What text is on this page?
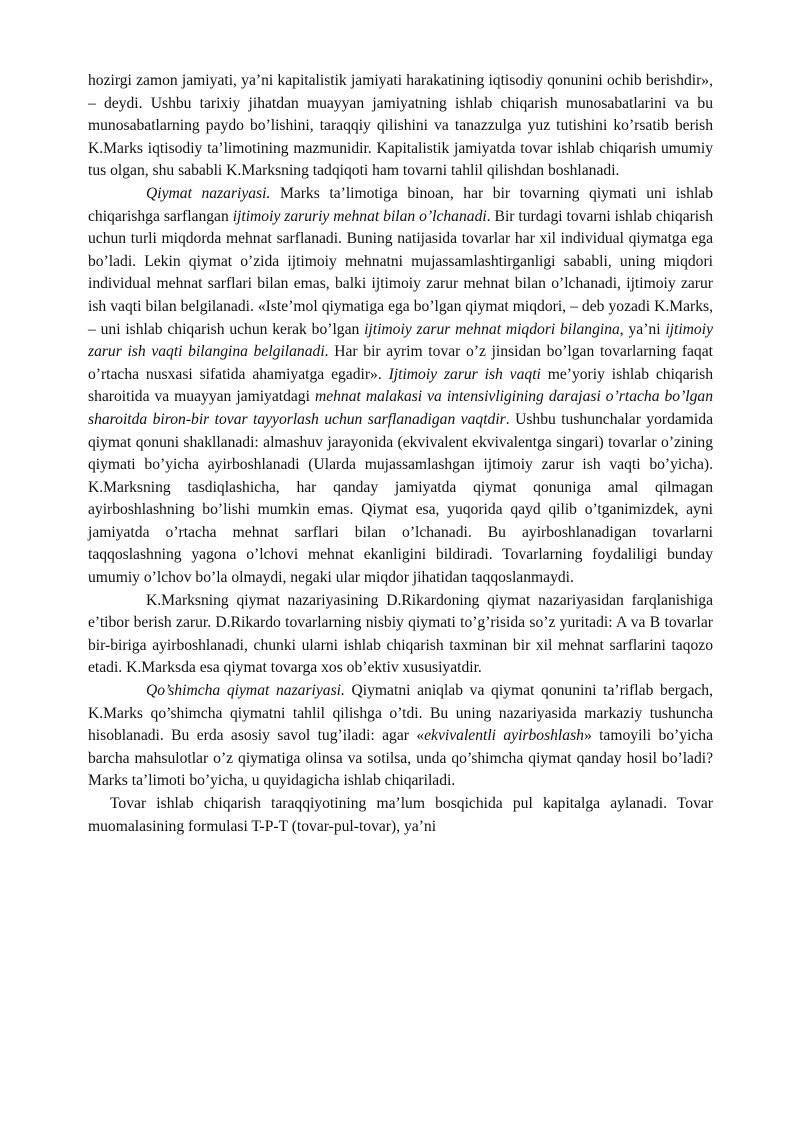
hozirgi zamon jamiyati, ya’ni kapitalistik jamiyati harakatining iqtisodiy qonunini ochib berishdir», – deydi. Ushbu tarixiy jihatdan muayyan jamiyatning ishlab chiqarish munosabatlarini va bu munosabatlarning paydo bo’lishini, taraqqiy qilishini va tanazzulga yuz tutishini ko’rsatib berish K.Marks iqtisodiy ta’limotining mazmunidir. Kapitalistik jamiyatda tovar ishlab chiqarish umumiy tus olgan, shu sababli K.Marksning tadqiqoti ham tovarni tahlil qilishdan boshlanadi.

Qiymat nazariyasi. Marks ta’limotiga binoan, har bir tovarning qiymati uni ishlab chiqarishga sarflangan ijtimoiy zaruriy mehnat bilan o’lchanadi. Bir turdagi tovarni ishlab chiqarish uchun turli miqdorda mehnat sarflanadi. Buning natijasida tovarlar har xil individual qiymatga ega bo’ladi. Lekin qiymat o’zida ijtimoiy mehnatni mujassamlashtirganligi sababli, uning miqdori individual mehnat sarflari bilan emas, balki ijtimoiy zarur mehnat bilan o’lchanadi, ijtimoiy zarur ish vaqti bilan belgilanadi. «Iste’mol qiymatiga ega bo’lgan qiymat miqdori, – deb yozadi K.Marks, – uni ishlab chiqarish uchun kerak bo’lgan ijtimoiy zarur mehnat miqdori bilangina, ya’ni ijtimoiy zarur ish vaqti bilangina belgilanadi. Har bir ayrim tovar o’z jinsidan bo’lgan tovarlarning faqat o’rtacha nusxasi sifatida ahamiyatga egadir». Ijtimoiy zarur ish vaqti me’yoriy ishlab chiqarish sharoitida va muayyan jamiyatdagi mehnat malakasi va intensivligining darajasi o’rtacha bo’lgan sharoitda biron-bir tovar tayyorlash uchun sarflanadigan vaqtdir. Ushbu tushunchalar yordamida qiymat qonuni shakllanadi: almashuv jarayonida (ekvivalent ekvivalentga singari) tovarlar o’zining qiymati bo’yicha ayirboshlanadi (Ularda mujassamlashgan ijtimoiy zarur ish vaqti bo’yicha). K.Marksning tasdiqlashicha, har qanday jamiyatda qiymat qonuniga amal qilmagan ayirboshlashning bo’lishi mumkin emas. Qiymat esa, yuqorida qayd qilib o’tganimizdek, ayni jamiyatda o’rtacha mehnat sarflari bilan o’lchanadi. Bu ayirboshlanadigan tovarlarni taqqoslashning yagona o’lchovi mehnat ekanligini bildiradi. Tovarlarning foydaliligi bunday umumiy o’lchov bo’la olmaydi, negaki ular miqdor jihatidan taqqoslanmaydi.

K.Marksning qiymat nazariyasining D.Rikardoning qiymat nazariyasidan farqlanishiga e’tibor berish zarur. D.Rikardo tovarlarning nisbiy qiymati to’g’risida so’z yuritadi: A va B tovarlar bir-biriga ayirboshlanadi, chunki ularni ishlab chiqarish taxminan bir xil mehnat sarflarini taqozo etadi. K.Marksda esa qiymat tovarga xos ob’ektiv xususiyatdir.

Qo’shimcha qiymat nazariyasi. Qiymatni aniqlab va qiymat qonunini ta’riflab bergach, K.Marks qo’shimcha qiymatni tahlil qilishga o’tdi. Bu uning nazariyasida markaziy tushuncha hisoblanadi. Bu erda asosiy savol tug’iladi: agar «ekvivalentli ayirboshlash» tamoyili bo’yicha barcha mahsulotlar o’z qiymatiga olinsa va sotilsa, unda qo’shimcha qiymat qanday hosil bo’ladi? Marks ta’limoti bo’yicha, u quyidagicha ishlab chiqariladi.

Tovar ishlab chiqarish taraqqiyotining ma’lum bosqichida pul kapitalga aylanadi. Tovar muomalasining formulasi T-P-T (tovar-pul-tovar), ya’ni
